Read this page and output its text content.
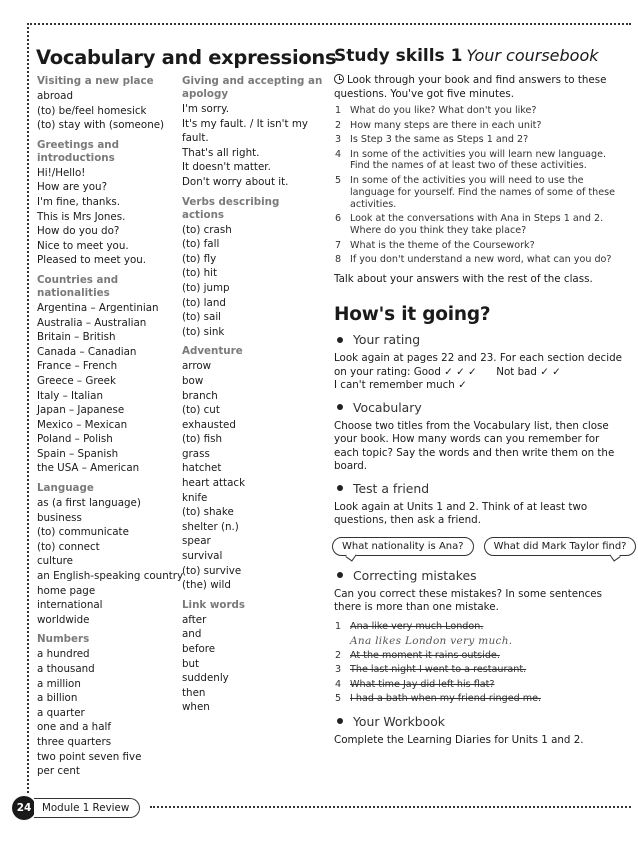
Vocabulary and expressions
Visiting a new place
abroad
(to) be/feel homesick
(to) stay with (someone)
Greetings and introductions
Hi!/Hello!
How are you?
I'm fine, thanks.
This is Mrs Jones.
How do you do?
Nice to meet you.
Pleased to meet you.
Countries and nationalities
Argentina – Argentinian
Australia – Australian
Britain – British
Canada – Canadian
France – French
Greece – Greek
Italy – Italian
Japan – Japanese
Mexico – Mexican
Poland – Polish
Spain – Spanish
the USA – American
Language
as (a first language)
business
(to) communicate
(to) connect
culture
an English-speaking country
home page
international
worldwide
Numbers
a hundred
a thousand
a million
a billion
a quarter
one and a half
three quarters
two point seven five
per cent
Giving and accepting an apology
I'm sorry.
It's my fault. / It isn't my fault.
That's all right.
It doesn't matter.
Don't worry about it.
Verbs describing actions
(to) crash
(to) fall
(to) fly
(to) hit
(to) jump
(to) land
(to) sail
(to) sink
Adventure
arrow
bow
branch
(to) cut
exhausted
(to) fish
grass
hatchet
heart attack
knife
(to) shake
shelter (n.)
spear
survival
(to) survive
(the) wild
Link words
after
and
before
but
suddenly
then
when
Study skills 1 Your coursebook
Look through your book and find answers to these questions. You've got five minutes.
1 What do you like? What don't you like?
2 How many steps are there in each unit?
3 Is Step 3 the same as Steps 1 and 2?
4 In some of the activities you will learn new language. Find the names of at least two of these activities.
5 In some of the activities you will need to use the language for yourself. Find the names of some of these activities.
6 Look at the conversations with Ana in Steps 1 and 2. Where do you think they take place?
7 What is the theme of the Coursework?
8 If you don't understand a new word, what can you do?
Talk about your answers with the rest of the class.
How's it going?
Your rating
Look again at pages 22 and 23. For each section decide on your rating: Good ✓ ✓ ✓ Not bad ✓ ✓
I can't remember much ✓
Vocabulary
Choose two titles from the Vocabulary list, then close your book. How many words can you remember for each topic? Say the words and then write them on the board.
Test a friend
Look again at Units 1 and 2. Think of at least two questions, then ask a friend.
What nationality is Ana?	What did Mark Taylor find?
Correcting mistakes
Can you correct these mistakes? In some sentences there is more than one mistake.
1 Ana like very much London.
Ana likes London very much.
2 At the moment it rains outside.
3 The last night I went to a restaurant.
4 What time Jay did left his flat?
5 I had a bath when my friend ringed me.
Your Workbook
Complete the Learning Diaries for Units 1 and 2.
24	Module 1 Review
